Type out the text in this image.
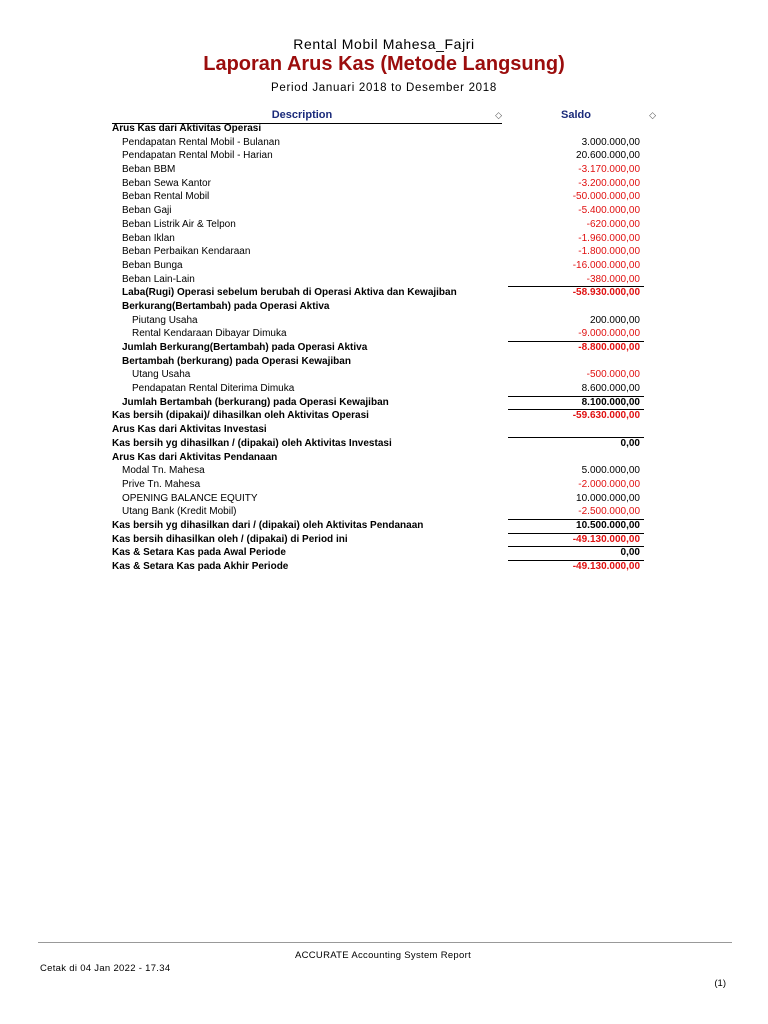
Rental Mobil Mahesa_Fajri
Laporan Arus Kas (Metode Langsung)
Period Januari 2018 to Desember 2018
Description	◇	Saldo	◇
Arus Kas dari Aktivitas Operasi
Pendapatan Rental Mobil - Bulanan	3.000.000,00
Pendapatan Rental Mobil - Harian	20.600.000,00
Beban BBM	-3.170.000,00
Beban Sewa Kantor	-3.200.000,00
Beban Rental Mobil	-50.000.000,00
Beban Gaji	-5.400.000,00
Beban Listrik Air & Telpon	-620.000,00
Beban Iklan	-1.960.000,00
Beban Perbaikan Kendaraan	-1.800.000,00
Beban Bunga	-16.000.000,00
Beban Lain-Lain	-380.000,00
Laba(Rugi) Operasi sebelum berubah di Operasi Aktiva dan Kewajiban	-58.930.000,00
Berkurang(Bertambah) pada Operasi Aktiva
Piutang Usaha	200.000,00
Rental Kendaraan Dibayar Dimuka	-9.000.000,00
Jumlah Berkurang(Bertambah) pada Operasi Aktiva	-8.800.000,00
Bertambah (berkurang) pada Operasi Kewajiban
Utang Usaha	-500.000,00
Pendapatan Rental Diterima Dimuka	8.600.000,00
Jumlah Bertambah (berkurang) pada Operasi Kewajiban	8.100.000,00
Kas bersih (dipakai)/ dihasilkan oleh Aktivitas Operasi	-59.630.000,00
Arus Kas dari Aktivitas Investasi
Kas bersih yg dihasilkan / (dipakai) oleh Aktivitas Investasi	0,00
Arus Kas dari Aktivitas Pendanaan
Modal Tn. Mahesa	5.000.000,00
Prive Tn. Mahesa	-2.000.000,00
OPENING BALANCE EQUITY	10.000.000,00
Utang Bank (Kredit Mobil)	-2.500.000,00
Kas bersih yg dihasilkan dari / (dipakai) oleh Aktivitas Pendanaan	10.500.000,00
Kas bersih dihasilkan oleh / (dipakai) di Period ini	-49.130.000,00
Kas & Setara Kas pada Awal Periode	0,00
Kas & Setara Kas pada Akhir Periode	-49.130.000,00
ACCURATE Accounting System Report
Cetak di 04 Jan 2022 - 17.34
(1)
